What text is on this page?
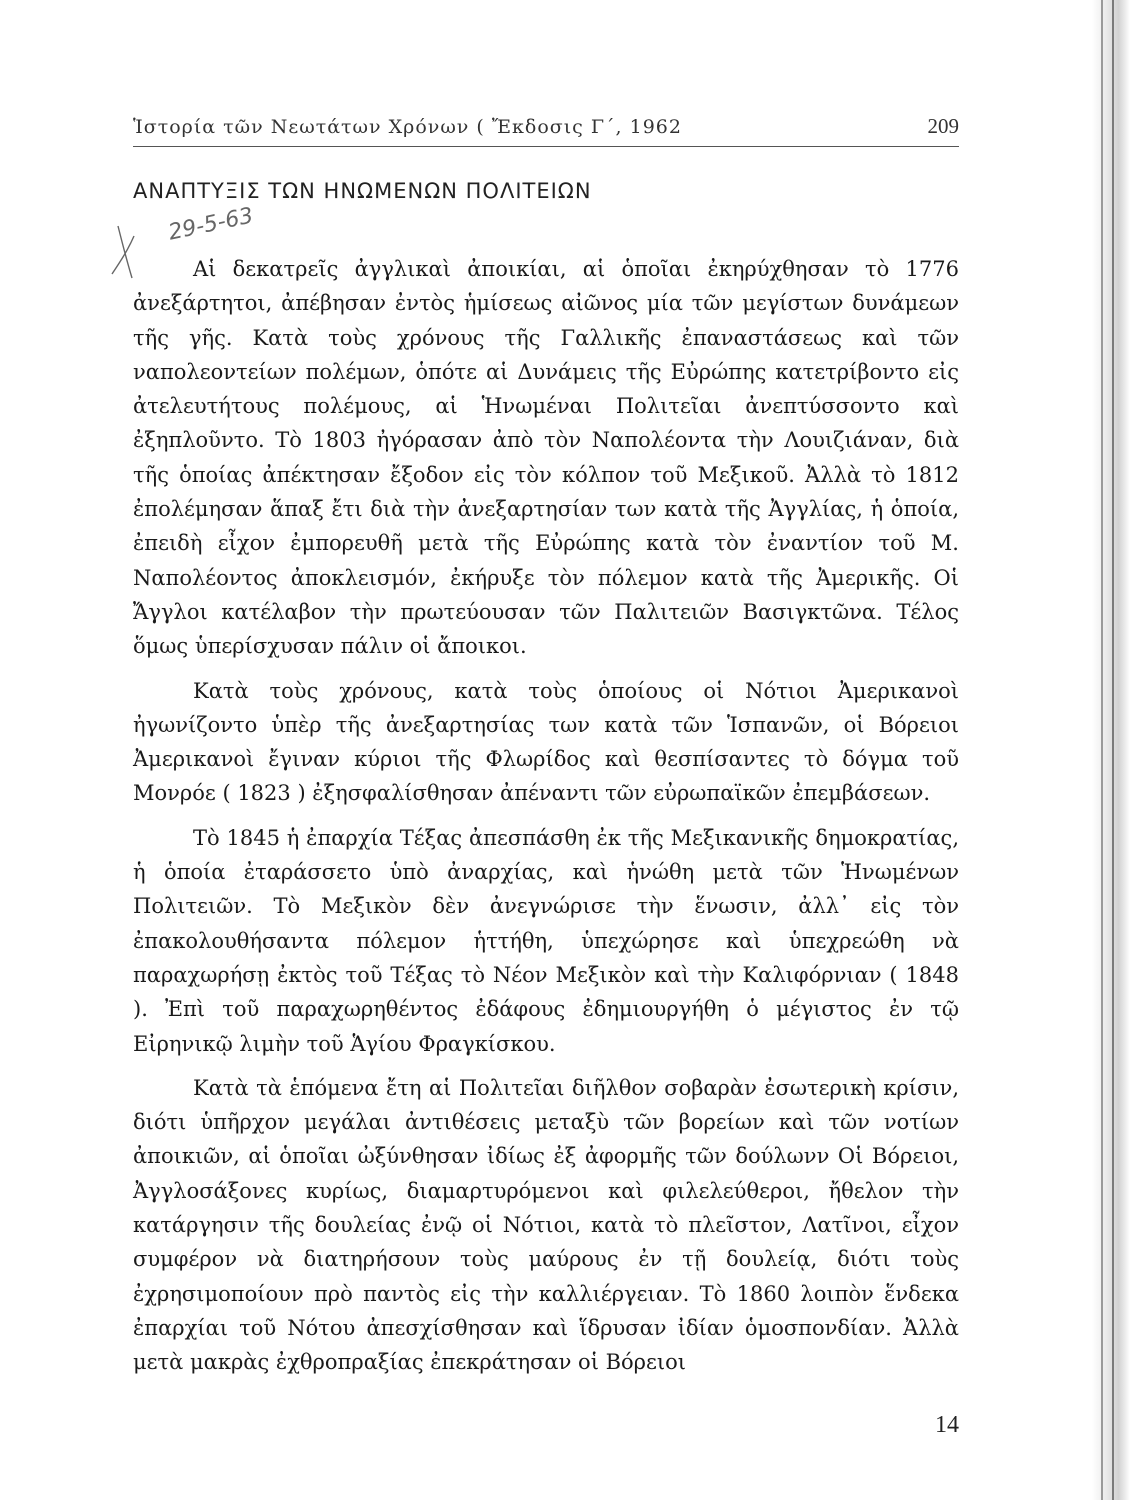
Ἱστορία τῶν Νεωτάτων Χρόνων ( Ἔκδοσις Γ΄, 1962	209
ΑΝΑΠΤΥΞΙΣ ΤΩΝ ΗΝΩΜΕΝΩΝ ΠΟΛΙΤΕΙΩΝ
29-5-63

Αἱ δεκατρεῖς ἀγγλικαὶ ἀποικίαι, αἱ ὁποῖαι ἐκηρύχθησαν τὸ 1776 ἀνεξάρτητοι, ἀπέβησαν ἐντὸς ἡμίσεως αἰῶνος μία τῶν μεγίστων δυνάμεων τῆς γῆς. Κατὰ τοὺς χρόνους τῆς Γαλλικῆς ἐπαναστάσεως καὶ τῶν ναπολεοντείων πολέμων, ὁπότε αἱ Δυνάμεις τῆς Εὐρώπης κατετρίβοντο εἰς ἀτελευτήτους πολέμους, αἱ Ἡνωμέναι Πολιτεῖαι ἀνεπτύσσοντο καὶ ἐξηπλοῦντο. Τὸ 1803 ἠγόρασαν ἀπὸ τὸν Ναπολέοντα τὴν Λουιζιάναν, διὰ τῆς ὁποίας ἀπέκτησαν ἔξοδον εἰς τὸν κόλπον τοῦ Μεξικοῦ. Ἀλλὰ τὸ 1812 ἐπολέμησαν ἅπαξ ἔτι διὰ τὴν ἀνεξαρτησίαν των κατὰ τῆς Ἀγγλίας, ἡ ὁποία, ἐπειδὴ εἶχον ἐμπορευθῆ μετὰ τῆς Εὐρώπης κατὰ τὸν ἐναντίον τοῦ Μ. Ναπολέοντος ἀποκλεισμόν, ἐκήρυξε τὸν πόλεμον κατὰ τῆς Ἀμερικῆς. Οἱ Ἄγγλοι κατέλαβον τὴν πρωτεύουσαν τῶν Παλιτειῶν Βασιγκτῶνα. Τέλος ὅμως ὑπερίσχυσαν πάλιν οἱ ἄποικοι.

Κατὰ τοὺς χρόνους, κατὰ τοὺς ὁποίους οἱ Νότιοι Ἀμερικανοὶ ἠγωνίζοντο ὑπὲρ τῆς ἀνεξαρτησίας των κατὰ τῶν Ἱσπανῶν, οἱ Βόρειοι Ἀμερικανοὶ ἔγιναν κύριοι τῆς Φλωρίδος καὶ θεσπίσαντες τὸ δόγμα τοῦ Μονρόε ( 1823 ) ἐξησφαλίσθησαν ἀπέναντι τῶν εὐρωπαϊκῶν ἐπεμβάσεων.

Τὸ 1845 ἡ ἐπαρχία Τέξας ἀπεσπάσθη ἐκ τῆς Μεξικανικῆς δημοκρατίας, ἡ ὁποία ἐταράσσετο ὑπὸ ἀναρχίας, καὶ ἡνώθη μετὰ τῶν Ἡνωμένων Πολιτειῶν. Τὸ Μεξικὸν δὲν ἀνεγνώρισε τὴν ἕνωσιν, ἀλλ᾽ εἰς τὸν ἐπακολουθήσαντα πόλεμον ἡττήθη, ὑπεχώρησε καὶ ὑπεχρεώθη νὰ παραχωρήσῃ ἐκτὸς τοῦ Τέξας τὸ Νέον Μεξικὸν καὶ τὴν Καλιφόρνιαν ( 1848 ). Ἐπὶ τοῦ παραχωρηθέντος ἐδάφους ἐδημιουργήθη ὁ μέγιστος ἐν τῷ Εἰρηνικῷ λιμὴν τοῦ Ἁγίου Φραγκίσκου.

Κατὰ τὰ ἑπόμενα ἔτη αἱ Πολιτεῖαι διῆλθον σοβαρὰν ἐσωτερικὴ κρίσιν, διότι ὑπῆρχον μεγάλαι ἀντιθέσεις μεταξὺ τῶν βορείων καὶ τῶν νοτίων ἀποικιῶν, αἱ ὁποῖαι ὠξύνθησαν ἰδίως ἐξ ἀφορμῆς τῶν δούλωνν Οἱ Βόρειοι, Ἀγγλοσάξονες κυρίως, διαμαρτυρόμενοι καὶ φιλελεύθεροι, ἤθελον τὴν κατάργησιν τῆς δουλείας ἐνῷ οἱ Νότιοι, κατὰ τὸ πλεῖστον, Λατῖνοι, εἶχον συμφέρον νὰ διατηρήσουν τοὺς μαύρους ἐν τῇ δουλείᾳ, διότι τοὺς ἐχρησιμοποίουν πρὸ παντὸς εἰς τὴν καλλιέργειαν. Τὸ 1860 λοιπὸν ἕνδεκα ἐπαρχίαι τοῦ Νότου ἀπεσχίσθησαν καὶ ἵδρυσαν ἰδίαν ὁμοσπονδίαν. Ἀλλὰ μετὰ μακρὰς ἐχθροπραξίας ἐπεκράτησαν οἱ Βόρειοι

14
